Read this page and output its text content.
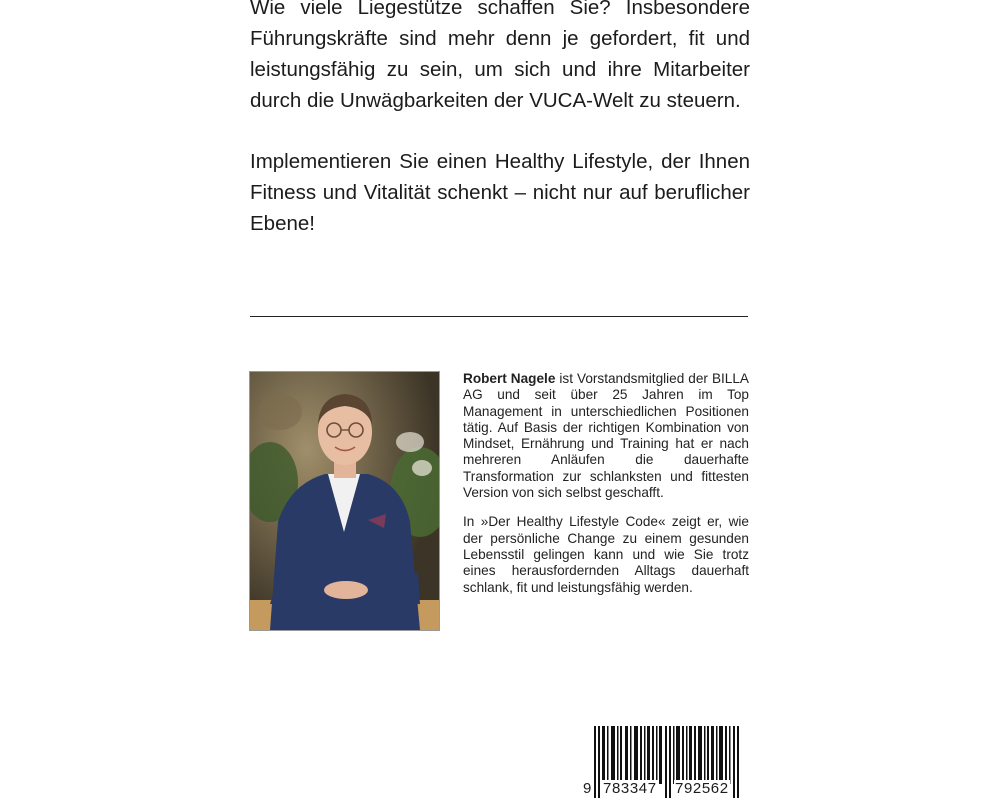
Wie viele Liegestütze schaffen Sie? Insbesondere Führungskräfte sind mehr denn je gefordert, fit und leistungsfähig zu sein, um sich und ihre Mitarbeiter durch die Unwägbarkeiten der VUCA-Welt zu steuern.

Implementieren Sie einen Healthy Lifestyle, der Ihnen Fitness und Vitalität schenkt – nicht nur auf beruflicher Ebene!

Robert Nagele ist Vorstandsmitglied der BILLA AG und seit über 25 Jahren im Top Management in unterschiedlichen Positionen tätig. Auf Basis der richtigen Kombination von Mindset, Ernährung und Training hat er nach mehreren Anläufen die dauerhafte Transformation zur schlanksten und fittesten Version von sich selbst geschafft.

In »Der Healthy Lifestyle Code« zeigt er, wie der persönliche Change zu einem gesunden Lebensstil gelingen kann und wie Sie trotz eines herausfordernden Alltags dauerhaft schlank, fit und leistungsfähig werden.

9 783347 792562
